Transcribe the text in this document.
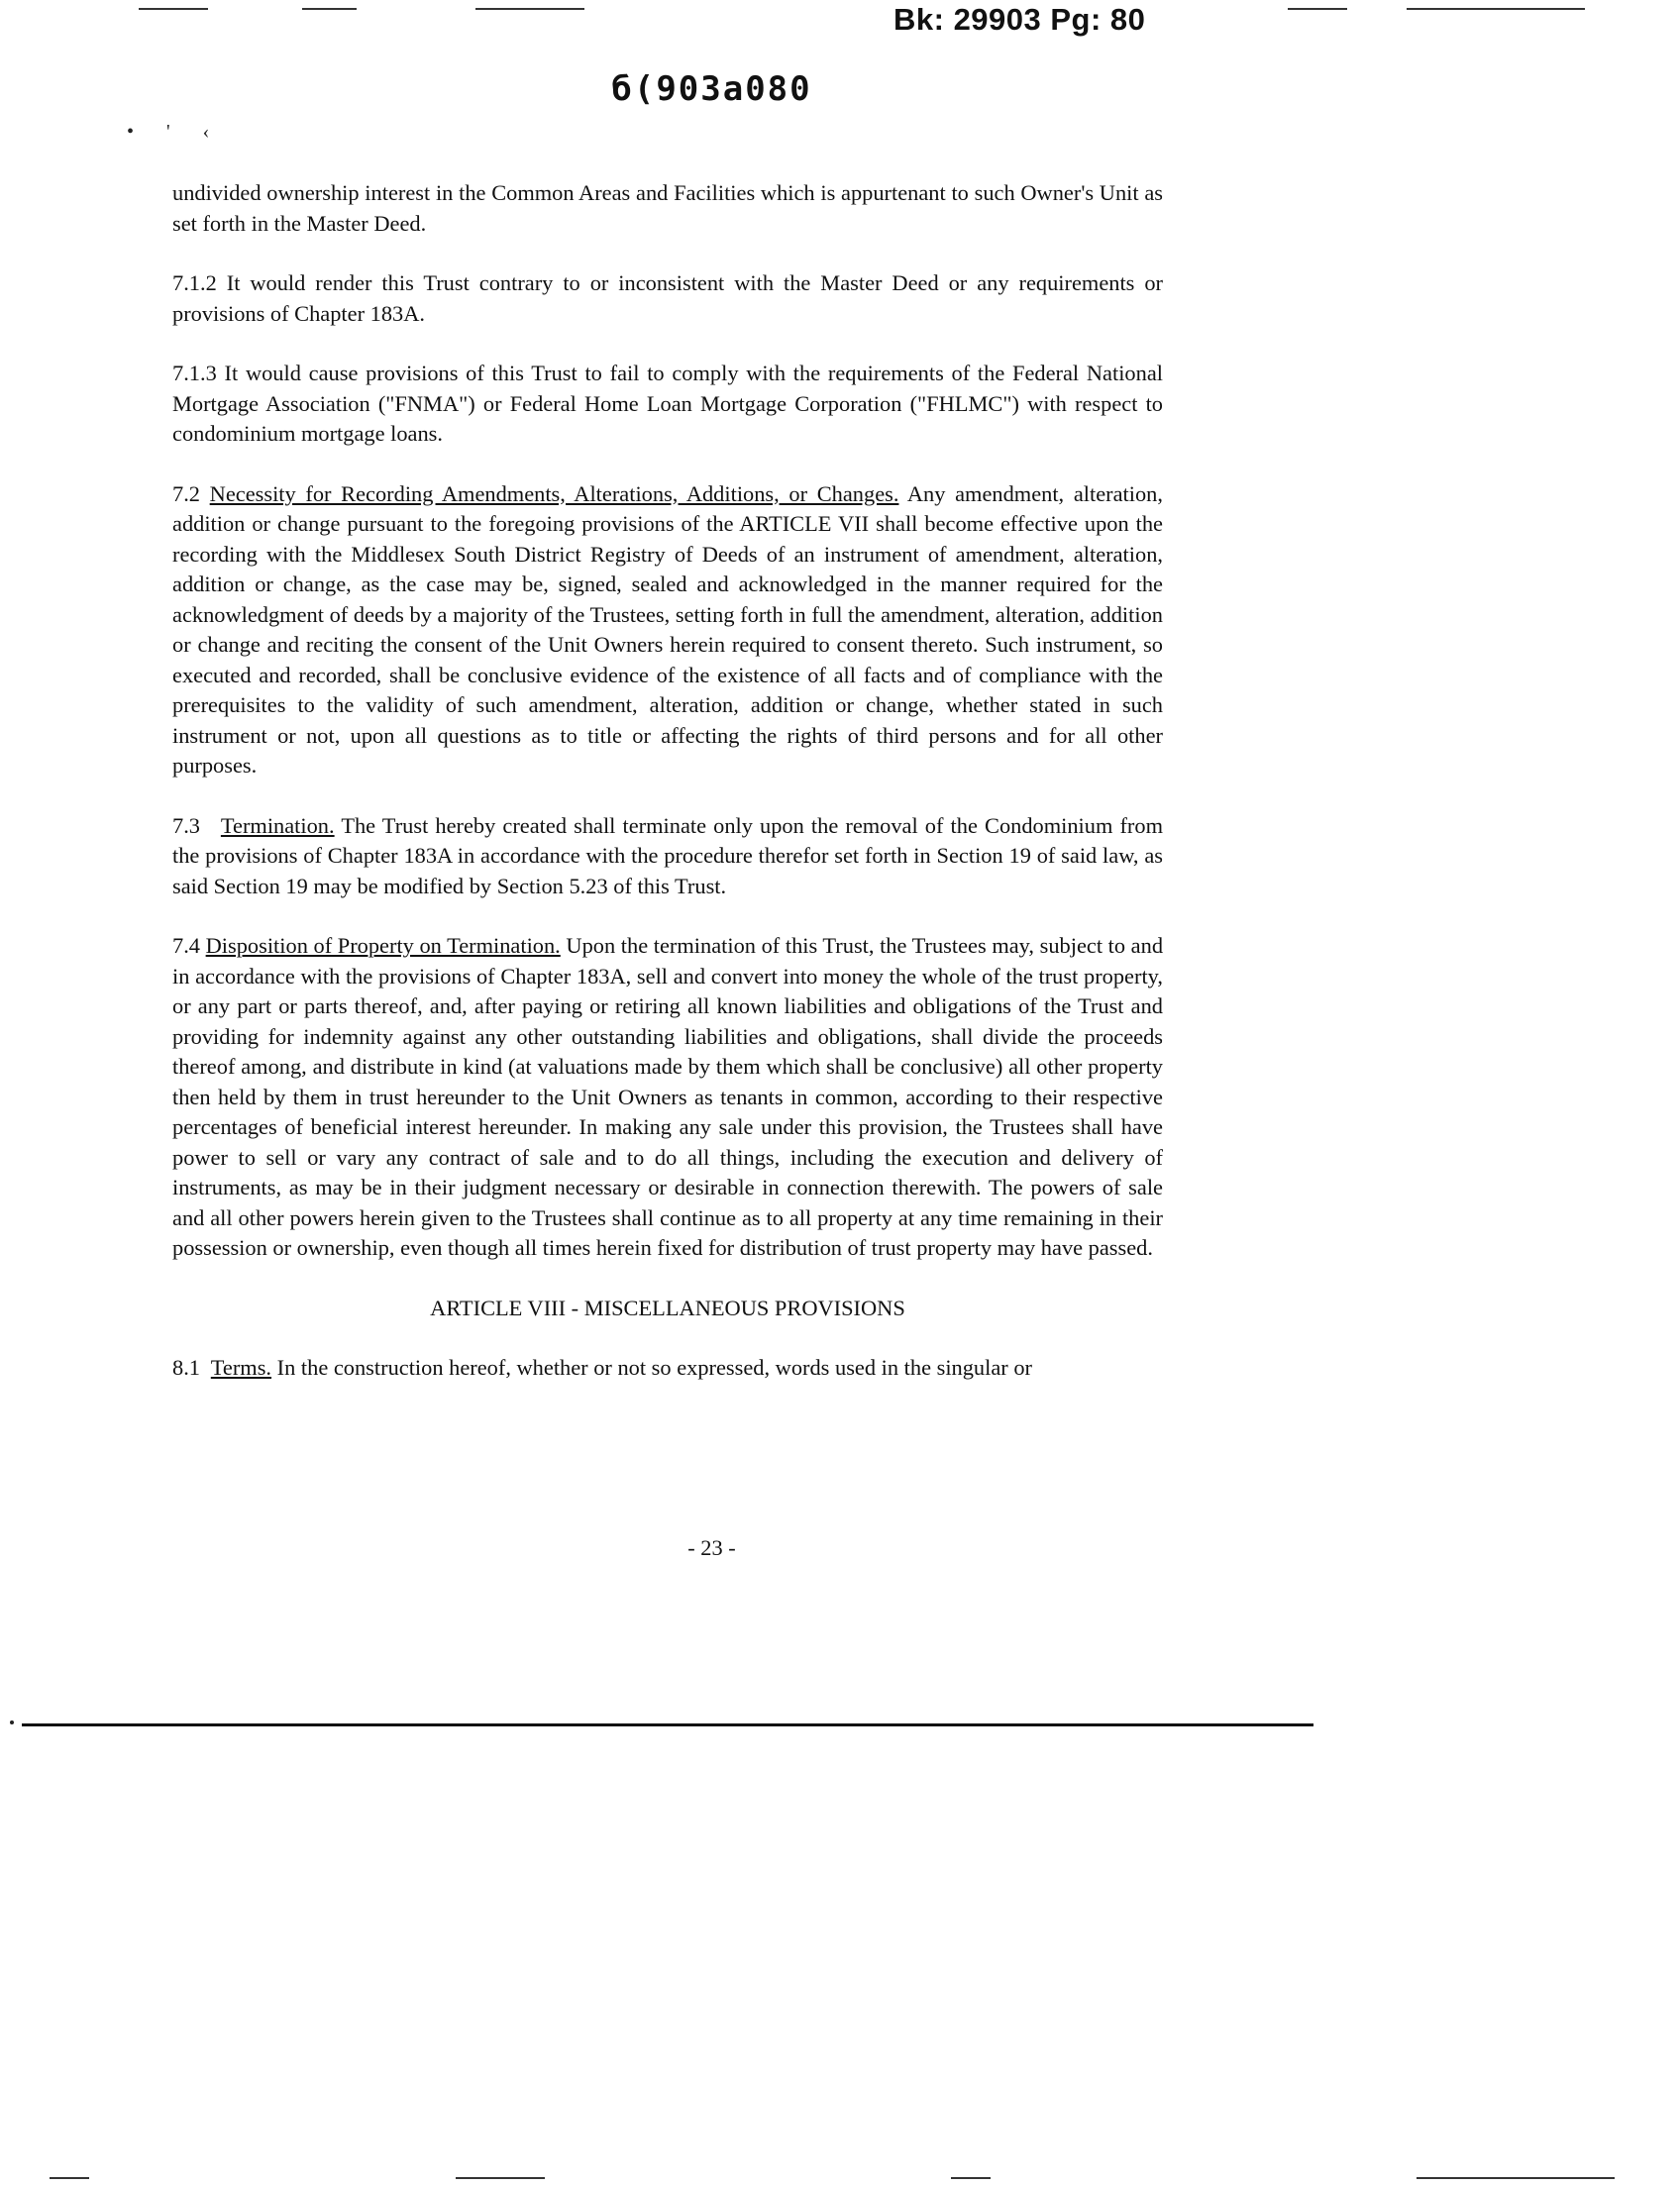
Bk: 29903 Pg: 80
б(903а080
• ' ‹

undivided ownership interest in the Common Areas and Facilities which is appurtenant to such Owner's Unit as set forth in the Master Deed.

7.1.2 It would render this Trust contrary to or inconsistent with the Master Deed or any requirements or provisions of Chapter 183A.

7.1.3 It would cause provisions of this Trust to fail to comply with the requirements of the Federal National Mortgage Association ("FNMA") or Federal Home Loan Mortgage Corporation ("FHLMC") with respect to condominium mortgage loans.

7.2 Necessity for Recording Amendments, Alterations, Additions, or Changes. Any amendment, alteration, addition or change pursuant to the foregoing provisions of the ARTICLE VII shall become effective upon the recording with the Middlesex South District Registry of Deeds of an instrument of amendment, alteration, addition or change, as the case may be, signed, sealed and acknowledged in the manner required for the acknowledgment of deeds by a majority of the Trustees, setting forth in full the amendment, alteration, addition or change and reciting the consent of the Unit Owners herein required to consent thereto. Such instrument, so executed and recorded, shall be conclusive evidence of the existence of all facts and of compliance with the prerequisites to the validity of such amendment, alteration, addition or change, whether stated in such instrument or not, upon all questions as to title or affecting the rights of third persons and for all other purposes.

7.3 Termination. The Trust hereby created shall terminate only upon the removal of the Condominium from the provisions of Chapter 183A in accordance with the procedure therefor set forth in Section 19 of said law, as said Section 19 may be modified by Section 5.23 of this Trust.

7.4 Disposition of Property on Termination. Upon the termination of this Trust, the Trustees may, subject to and in accordance with the provisions of Chapter 183A, sell and convert into money the whole of the trust property, or any part or parts thereof, and, after paying or retiring all known liabilities and obligations of the Trust and providing for indemnity against any other outstanding liabilities and obligations, shall divide the proceeds thereof among, and distribute in kind (at valuations made by them which shall be conclusive) all other property then held by them in trust hereunder to the Unit Owners as tenants in common, according to their respective percentages of beneficial interest hereunder. In making any sale under this provision, the Trustees shall have power to sell or vary any contract of sale and to do all things, including the execution and delivery of instruments, as may be in their judgment necessary or desirable in connection therewith. The powers of sale and all other powers herein given to the Trustees shall continue as to all property at any time remaining in their possession or ownership, even though all times herein fixed for distribution of trust property may have passed.

ARTICLE VIII - MISCELLANEOUS PROVISIONS

8.1 Terms. In the construction hereof, whether or not so expressed, words used in the singular or

- 23 -
